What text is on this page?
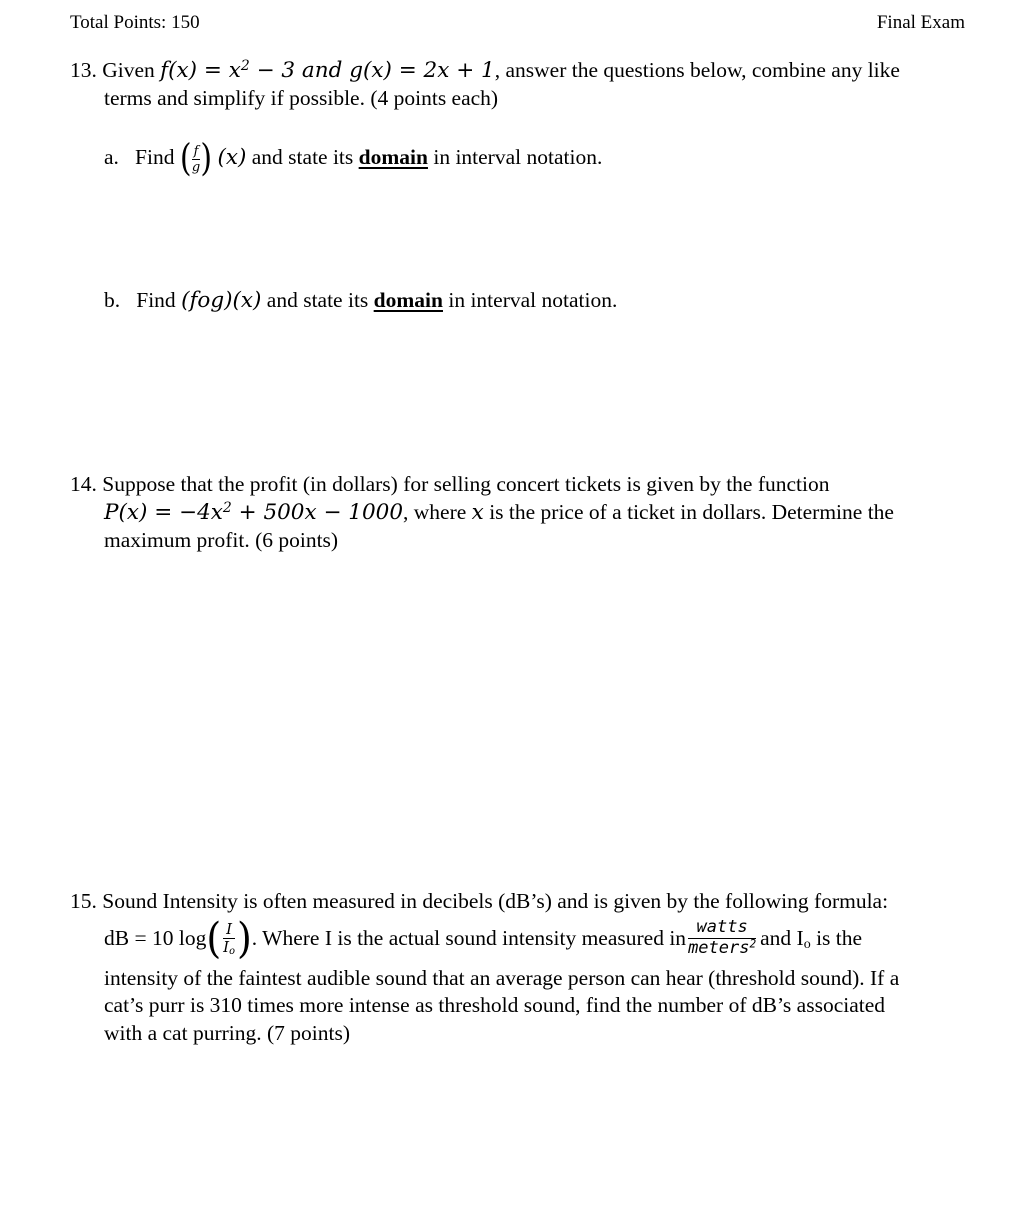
Total Points: 150	Final Exam
13. Given $f(x) = x^2 - 3$ and g(x) = 2x + 1, answer the questions below, combine any like
terms and simplify if possible. (4 points each)
a. Find ( $\frac{f}{g}$ ) (x) and state its domain in interval notation.
b. Find (fog)(x) and state its domain in interval notation.
14. Suppose that the profit (in dollars) for selling concert tickets is given by the function
$P(x) = -4x^2 + 500x - 1000$, where x is the price of a ticket in dollars. Determine the
maximum profit. (6 points)
15. Sound Intensity is often measured in decibels (dB’s) and is given by the following formula:
dB = 10 log ( $\frac{I}{I_o}$ ) . Where I is the actual sound intensity measured in $\frac{\text{watts}}{meters^2}$ and $I_o$ is the
intensity of the faintest audible sound that an average person can hear (threshold sound). If a
cat’s purr is 310 times more intense as threshold sound, find the number of dB’s associated
with a cat purring. (7 points)
